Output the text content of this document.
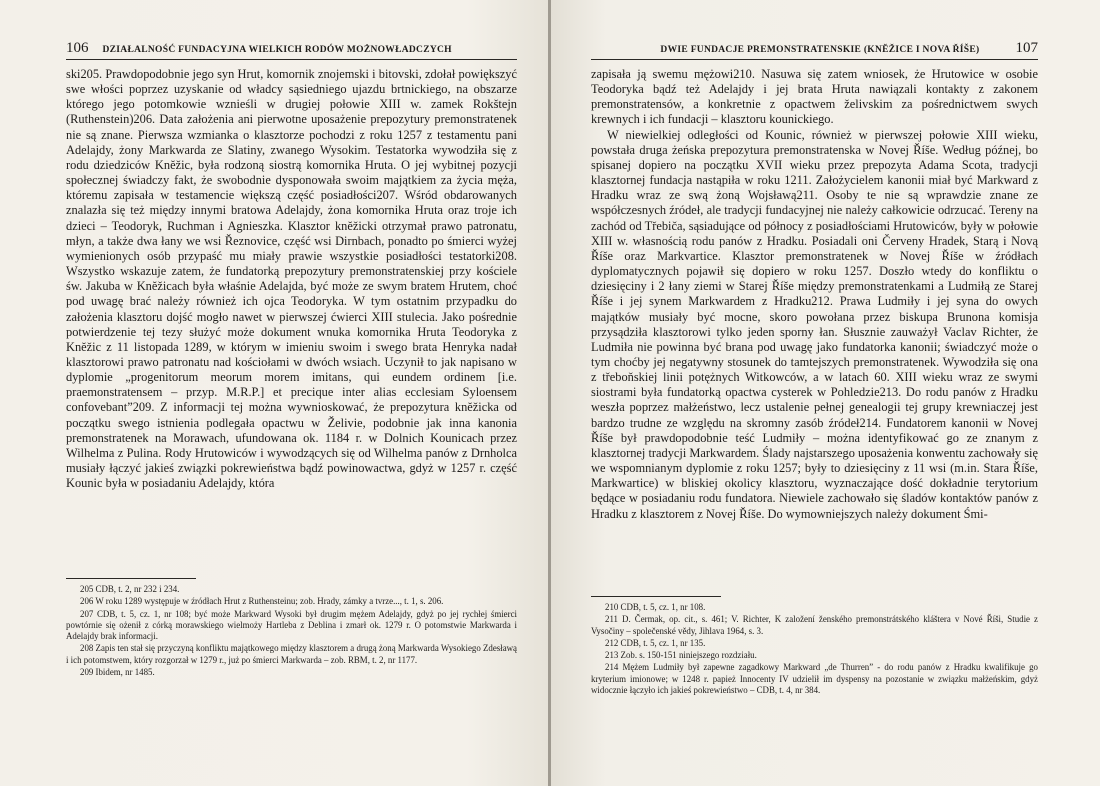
106 DZIAŁALNOŚĆ FUNDACYJNA WIELKICH RODÓW MOŻNOWŁADCZYCH

ski205. Prawdopodobnie jego syn Hrut, komornik znojemski i bitovski, zdołał powiększyć swe włości poprzez uzyskanie od władcy sąsiedniego ujazdu brtnickiego, na obszarze którego jego potomkowie wznieśli w drugiej połowie XIII w. zamek Rokštejn (Ruthenstein)206. Data założenia ani pierwotne uposażenie prepozytury premonstratenek nie są znane. Pierwsza wzmianka o klasztorze pochodzi z roku 1257 z testamentu pani Adelajdy, żony Markwarda ze Slatiny, zwanego Wysokim. Testatorka wywodziła się z rodu dziedziców Knĕžic, była rodzoną siostrą komornika Hruta. O jej wybitnej pozycji społecznej świadczy fakt, że swobodnie dysponowała swoim majątkiem za życia męża, któremu zapisała w testamencie większą część posiadłości207. Wśród obdarowanych znalazła się też między innymi bratowa Adelajdy, żona komornika Hruta oraz troje ich dzieci – Teodoryk, Ruchman i Agnieszka. Klasztor knĕžicki otrzymał prawo patronatu, młyn, a także dwa łany we wsi Řeznovice, część wsi Dirnbach, ponadto po śmierci wyżej wymienionych osób przypaść mu miały prawie wszystkie posiadłości testatorki208. Wszystko wskazuje zatem, że fundatorką prepozytury premonstratenskiej przy kościele św. Jakuba w Knĕžicach była właśnie Adelajda, być może ze swym bratem Hrutem, choć pod uwagę brać należy również ich ojca Teodoryka. W tym ostatnim przypadku do założenia klasztoru dojść mogło nawet w pierwszej ćwierci XIII stulecia. Jako pośrednie potwierdzenie tej tezy służyć może dokument wnuka komornika Hruta Teodoryka z Knĕžic z 11 listopada 1289, w którym w imieniu swoim i swego brata Henryka nadał klasztorowi prawo patronatu nad kościołami w dwóch wsiach. Uczynił to jak napisano w dyplomie „progenitorum meorum morem imitans, qui eundem ordinem [i.e. praemonstratensem – przyp. M.R.P.] et precique inter alias ecclesiam Syloensem confovebant”209. Z informacji tej można wywnioskować, że prepozytura knĕžicka od początku swego istnienia podlegała opactwu w Želivie, podobnie jak inna kanonia premonstratenek na Morawach, ufundowana ok. 1184 r. w Dolnich Kounicach przez Wilhelma z Pulina. Rody Hrutowiców i wywodzących się od Wilhelma panów z Drnholca musiały łączyć jakieś związki pokrewieństwa bądź powinowactwa, gdyż w 1257 r. część Kounic była w posiadaniu Adelajdy, która

205 CDB, t. 2, nr 232 i 234.

206 W roku 1289 występuje w źródłach Hrut z Ruthensteinu; zob. Hrady, zámky a tvrze..., t. 1, s. 206.

207 CDB, t. 5, cz. 1, nr 108; być może Markward Wysoki był drugim mężem Adelajdy, gdyż po jej rychłej śmierci powtórnie się ożenił z córką morawskiego wielmoży Hartleba z Deblina i zmarł ok. 1279 r. O potomstwie Markwarda i Adelajdy brak informacji.

208 Zapis ten stał się przyczyną konfliktu majątkowego między klasztorem a drugą żoną Markwarda Wysokiego Zdesławą i ich potomstwem, który rozgorzał w 1279 r., już po śmierci Markwarda – zob. RBM, t. 2, nr 1177.

209 Ibidem, nr 1485.

DWIE FUNDACJE PREMONSTRATENSKIE (KNĔŽICE I NOVA ŘÍŠE) 107

zapisała ją swemu mężowi210. Nasuwa się zatem wniosek, że Hrutowice w osobie Teodoryka bądź też Adelajdy i jej brata Hruta nawiązali kontakty z zakonem premonstratensów, a konkretnie z opactwem želivskim za pośrednictwem swych krewnych i ich fundacji – klasztoru kounickiego.

W niewielkiej odległości od Kounic, również w pierwszej połowie XIII wieku, powstała druga żeńska prepozytura premonstratenska w Novej Říše. Według późnej, bo spisanej dopiero na początku XVII wieku przez prepozyta Adama Scota, tradycji klasztornej fundacja nastąpiła w roku 1211. Założycielem kanonii miał być Markward z Hradku wraz ze swą żoną Wojsławą211. Osoby te nie są wprawdzie znane ze współczesnych źródeł, ale tradycji fundacyjnej nie należy całkowicie odrzucać. Tereny na zachód od Třebiča, sąsiadujące od północy z posiadłościami Hrutowiców, były w połowie XIII w. własnością rodu panów z Hradku. Posiadali oni Červeny Hradek, Starą i Novą Říše oraz Markvartice. Klasztor premonstratenek w Novej Říše w źródłach dyplomatycznych pojawił się dopiero w roku 1257. Doszło wtedy do konfliktu o dziesięciny i 2 łany ziemi w Starej Říše między premonstratenkami a Ludmiłą ze Starej Říše i jej synem Markwardem z Hradku212. Prawa Ludmiły i jej syna do owych majątków musiały być mocne, skoro powołana przez biskupa Brunona komisja przysądziła klasztorowi tylko jeden sporny łan. Słusznie zauważył Vaclav Richter, że Ludmiła nie powinna być brana pod uwagę jako fundatorka kanonii; świadczyć może o tym choćby jej negatywny stosunek do tamtejszych premonstratenek. Wywodziła się ona z třeboňskiej linii potężnych Witkowców, a w latach 60. XIII wieku wraz ze swymi siostrami była fundatorką opactwa cysterek w Pohledzie213. Do rodu panów z Hradku weszła poprzez małżeństwo, lecz ustalenie pełnej genealogii tej grupy krewniaczej jest bardzo trudne ze względu na skromny zasób źródeł214. Fundatorem kanonii w Novej Říše był prawdopodobnie teść Ludmiły – można identyfikować go ze znanym z klasztornej tradycji Markwardem. Ślady najstarszego uposażenia konwentu zachowały się we wspomnianym dyplomie z roku 1257; były to dziesięciny z 11 wsi (m.in. Stara Říše, Markwartice) w bliskiej okolicy klasztoru, wyznaczające dość dokładnie terytorium będące w posiadaniu rodu fundatora. Niewiele zachowało się śladów kontaktów panów z Hradku z klasztorem z Novej Říše. Do wymowniejszych należy dokument Śmi-

210 CDB, t. 5, cz. 1, nr 108.

211 D. Čermak, op. cit., s. 461; V. Richter, K založení ženského premonstrátského kláštera v Nové Říši, Studie z Vysočiny – společenské vědy, Jihlava 1964, s. 3.

212 CDB, t. 5, cz. 1, nr 135.

213 Zob. s. 150-151 niniejszego rozdziału.

214 Mężem Ludmiły był zapewne zagadkowy Markward „de Thurren” - do rodu panów z Hradku kwalifikuje go kryterium imionowe; w 1248 r. papież Innocenty IV udzielił im dyspensy na pozostanie w związku małżeńskim, gdyż widocznie łączyło ich jakieś pokrewieństwo – CDB, t. 4, nr 384.
